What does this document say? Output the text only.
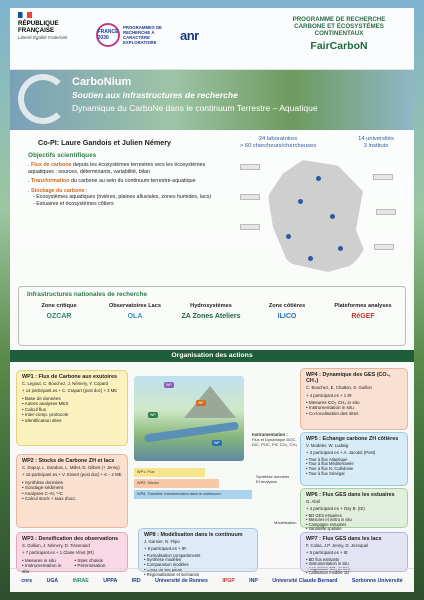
RÉPUBLIQUE FRANÇAISE
Liberté Égalité Fraternité
FRANCE 2030
PROGRAMMES DE RECHERCHE À CARACTÈRE EXPLORATOIRE	anr
PROGRAMME DE RECHERCHE
CARBONE ET ÉCOSYSTÈMES CONTINENTAUX
FairCarboN
CarboNium
Soutien aux infrastructures de recherche
Dynamique du CarboNe dans le continuum Terrestre – Aquatique
Co-PI: Laure Gandois et Julien Némery
Objectifs scientifiques
. Flux de carbone depuis les écosystèmes terrestres vers les écosystèmes aquatiques : sources, déterminants, variabilité, bilan
. Transformation du carbone au sein du continuum terrestre-aquatique
. Stockage du carbone :
- Ecosystèmes aquatiques (rivières, plaines alluviales, zones humides, lacs)
- Estuaires et écosystèmes côtiers
24 laboratoires
> 60 chercheurs/chercheuses
14 universités
3 instituts
Infrastructures nationales de recherche
Zone critique
OZCAR
Observatoires Lacs
OLA
Hydrosystèmes
ZA Zones Ateliers
Zone côtières
ILICO
Plateformes analyses
RéGEF
Organisation des actions
WP1 : Flux de Carbone aux exutoires
C. Legout, C. Bouchez, J. Némery, Y. Copard
+ 14 participant.es + C. Crapart (post doc) + 3 ME
• Base de données
• Autres analyses MES
• Calcul flux
• Inter-comp. protocole
• Identification sites
WP2 : Stocks de Carbone ZH et lacs
C. Dupuy, L. Gandois, L. Millet, D. Gilbert (+ Jenny)
+ 16 participant.es + V. Essert (post doc) + 6 – 2 ME
• Synthèse données
• Sondage sédiment
• Analyses C–N, ¹⁴C
• Calcul stock + taux d'acc.
WP3 : Densification des observations
S. Gollion, J. Némery, D. Tissenand
+ 7 participant.es + 1 Claire Vinot (IR)
• Mesures in situ
• Instrumentation in situ
• Sites choisis
• Pérennisation
WP
WP
WP
WP
Instrumentation :
Flux et Dynamique DOC, DIC, POC, PIC CO₂, CH₄
WP1: Flux
WP2: Stocks
WP8: Transfert, transformation dans le continuum
Synthèse données
Et analyses
Modélisation
WP8 : Modélisation dans le continuum
J. Garnier, N. Flipo
+ 9 participant.es + IR
• Formalisation compartiments
• Synthèse modèles
• Comparaison modèles
• Choix de site pilote
• Régionalisation et scénarios
WP4 : Dynamique des GES (CO₂, CH₄)
C. Bouchez, E. Chatton, S. Guillon
+ 4 participant.es + 1 IR
• Mesures CO₂ CH₄ in situ
• Instrumentation in situ
• Co-localisation des sites
WP5 : Echange carbone ZH côtières
V. Modeler, W. Ludwig
+ 3 participant.es + A. Jacotot (Post)
• Tour à flux Atlantique
• Tour à flux Méditerranée
• Tour à flux N. Calédonie
• Tour à flux Sénégal
WP6 : Flux GES dans les estuaires
G. Abril
+ 4 participant.es + Oxy B. (IE)
• BD GES estuaires
• Mesures et instru in situ
• Campagne estuaires
• Variabilité spatiale
WP7 : Flux GES dans les lacs
F. Colas, J.P. Jenny, D. Jezequel
+ 5 participant.es + IE
• BD flux existants
• Instrumentation in situ
• Acquisition CO₂ et CH₄
• Calibration modèle 1D
cnrs	UGA	INRAE	UPPA	IRD	Université de Rennes	IPGP	INP	Université Claude Bernard	Sorbonne Université
